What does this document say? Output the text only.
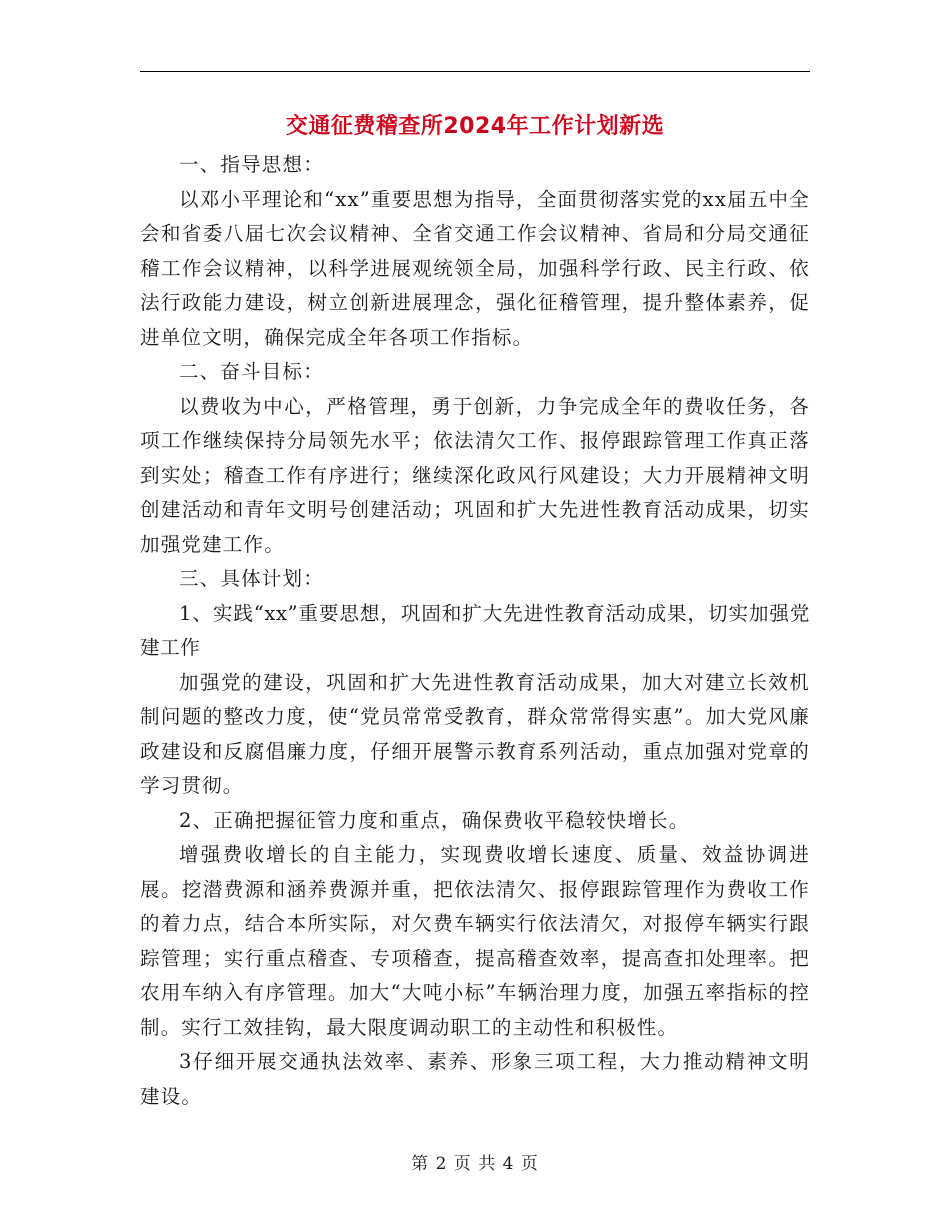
交通征费稽查所2024年工作计划新选

一、指导思想：

以邓小平理论和“xx”重要思想为指导，全面贯彻落实党的xx届五中全会和省委八届七次会议精神、全省交通工作会议精神、省局和分局交通征稽工作会议精神，以科学进展观统领全局，加强科学行政、民主行政、依法行政能力建设，树立创新进展理念，强化征稽管理，提升整体素养，促进单位文明，确保完成全年各项工作指标。

二、奋斗目标：

以费收为中心，严格管理，勇于创新，力争完成全年的费收任务，各项工作继续保持分局领先水平；依法清欠工作、报停跟踪管理工作真正落到实处；稽查工作有序进行；继续深化政风行风建设；大力开展精神文明创建活动和青年文明号创建活动；巩固和扩大先进性教育活动成果，切实加强党建工作。

三、具体计划：

1、实践“xx”重要思想，巩固和扩大先进性教育活动成果，切实加强党建工作

加强党的建设，巩固和扩大先进性教育活动成果，加大对建立长效机制问题的整改力度，使“党员常常受教育，群众常常得实惠”。加大党风廉政建设和反腐倡廉力度，仔细开展警示教育系列活动，重点加强对党章的学习贯彻。

2、正确把握征管力度和重点，确保费收平稳较快增长。

增强费收增长的自主能力，实现费收增长速度、质量、效益协调进展。挖潜费源和涵养费源并重，把依法清欠、报停跟踪管理作为费收工作的着力点，结合本所实际，对欠费车辆实行依法清欠，对报停车辆实行跟踪管理；实行重点稽查、专项稽查，提高稽查效率，提高查扣处理率。把农用车纳入有序管理。加大“大吨小标”车辆治理力度，加强五率指标的控制。实行工效挂钩，最大限度调动职工的主动性和积极性。

3仔细开展交通执法效率、素养、形象三项工程，大力推动精神文明建设。

第 2 页 共 4 页
